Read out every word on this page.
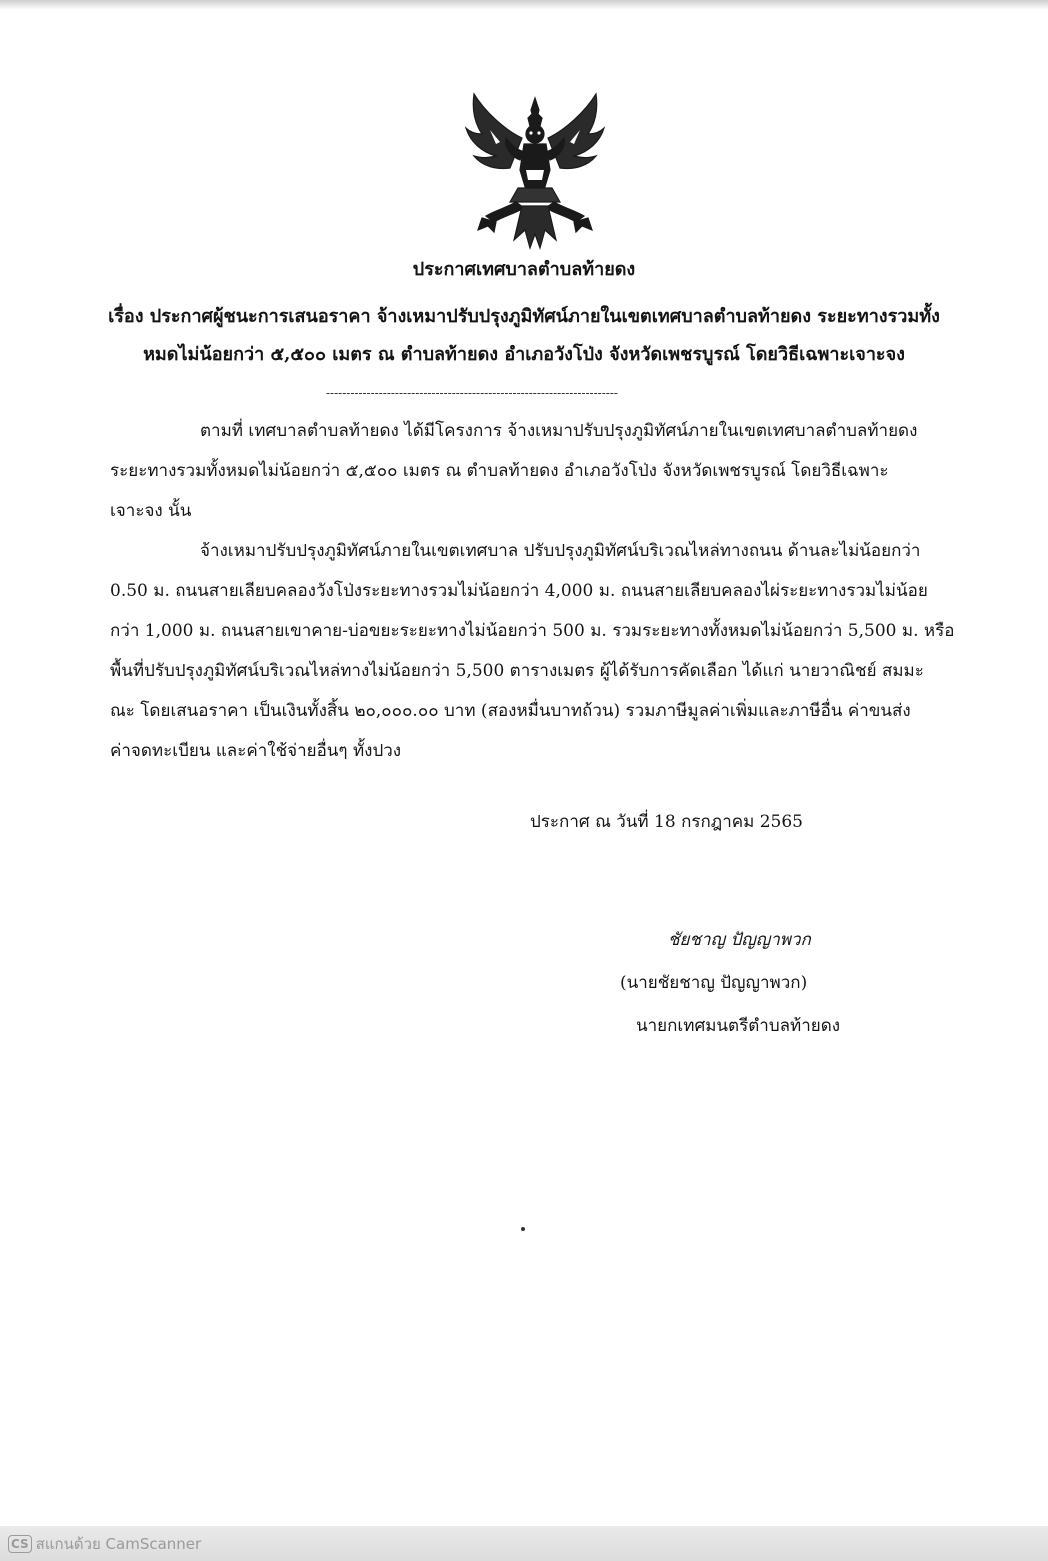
ประกาศเทศบาลตำบลท้ายดง
เรื่อง ประกาศผู้ชนะการเสนอราคา จ้างเหมาปรับปรุงภูมิทัศน์ภายในเขตเทศบาลตำบลท้ายดง ระยะทางรวมทั้ง
หมดไม่น้อยกว่า ๕,๕๐๐ เมตร ณ ตำบลท้ายดง อำเภอวังโป่ง จังหวัดเพชรบูรณ์ โดยวิธีเฉพาะเจาะจง
------------------------------------------------------------------------
ตามที่ เทศบาลตำบลท้ายดง ได้มีโครงการ จ้างเหมาปรับปรุงภูมิทัศน์ภายในเขตเทศบาลตำบลท้ายดง
ระยะทางรวมทั้งหมดไม่น้อยกว่า ๕,๕๐๐ เมตร ณ ตำบลท้ายดง อำเภอวังโป่ง จังหวัดเพชรบูรณ์ โดยวิธีเฉพาะ
เจาะจง นั้น
จ้างเหมาปรับปรุงภูมิทัศน์ภายในเขตเทศบาล ปรับปรุงภูมิทัศน์บริเวณไหล่ทางถนน ด้านละไม่น้อยกว่า
0.50 ม. ถนนสายเลียบคลองวังโป่งระยะทางรวมไม่น้อยกว่า 4,000 ม. ถนนสายเลียบคลองไผ่ระยะทางรวมไม่น้อย
กว่า 1,000 ม. ถนนสายเขาคาย-บ่อขยะระยะทางไม่น้อยกว่า 500 ม. รวมระยะทางทั้งหมดไม่น้อยกว่า 5,500 ม. หรือ
พื้นที่ปรับปรุงภูมิทัศน์บริเวณไหล่ทางไม่น้อยกว่า 5,500 ตารางเมตร ผู้ได้รับการคัดเลือก ได้แก่ นายวาณิชย์ สมมะ
ณะ โดยเสนอราคา เป็นเงินทั้งสิ้น ๒๐,๐๐๐.๐๐ บาท (สองหมื่นบาทถ้วน) รวมภาษีมูลค่าเพิ่มและภาษีอื่น ค่าขนส่ง
ค่าจดทะเบียน และค่าใช้จ่ายอื่นๆ ทั้งปวง
ประกาศ ณ วันที่ 18 กรกฎาคม 2565
ชัยชาญ ปัญญาพวก
(นายชัยชาญ ปัญญาพวก)
นายกเทศมนตรีตำบลท้ายดง
CS สแกนด้วย CamScanner
